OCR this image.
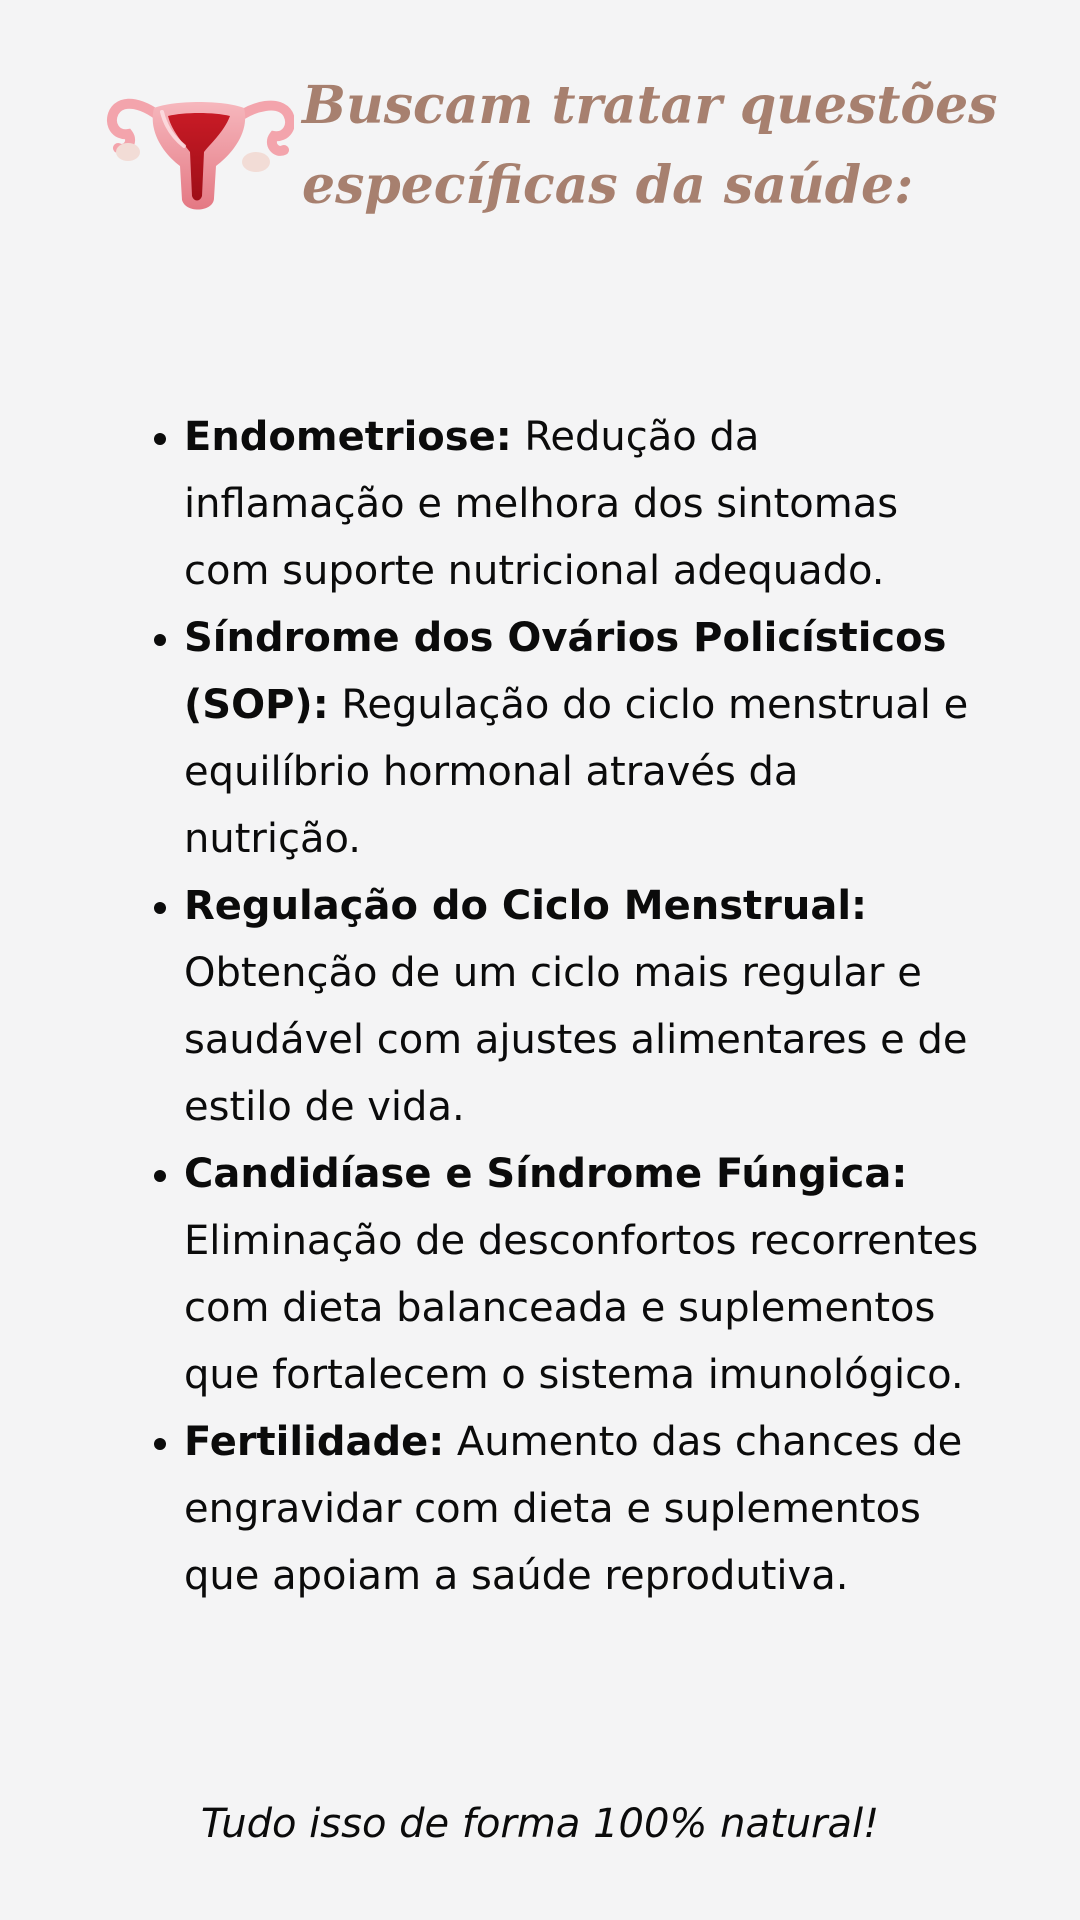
Buscam tratar questões
específicas da saúde:
Endometriose: Redução da inflamação e melhora dos sintomas com suporte nutricional adequado.
Síndrome dos Ovários Policísticos (SOP): Regulação do ciclo menstrual e equilíbrio hormonal através da nutrição.
Regulação do Ciclo Menstrual: Obtenção de um ciclo mais regular e saudável com ajustes alimentares e de estilo de vida.
Candidíase e Síndrome Fúngica: Eliminação de desconfortos recorrentes com dieta balanceada e suplementos que fortalecem o sistema imunológico.
Fertilidade: Aumento das chances de engravidar com dieta e suplementos que apoiam a saúde reprodutiva.

Tudo isso de forma 100% natural!
